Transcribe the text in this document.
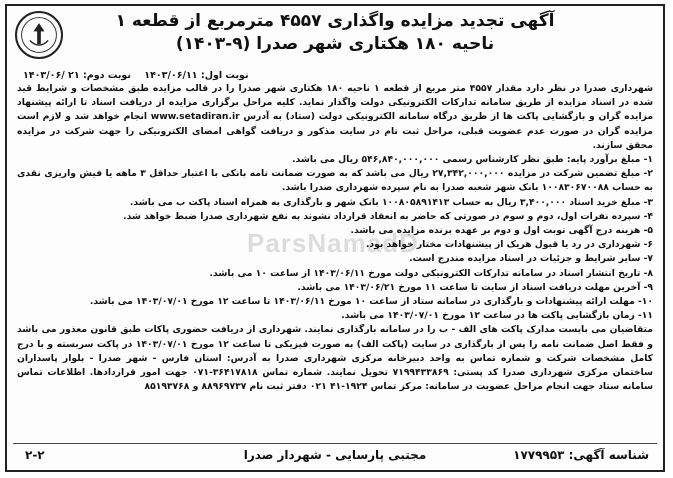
آگهی تجدید مزایده واگذاری ۴۵۵۷ مترمربع از قطعه ۱
ناحیه ۱۸۰ هکتاری شهر صدرا (۹-۱۴۰۳)
نوبت اول: ۱۴۰۳/۰۶/۱۱ نوبت دوم: ۲۱ /۱۴۰۳/۰۶

شهرداری صدرا در نظر دارد مقدار ۴۵۵۷ متر مربع از قطعه ۱ ناحیه ۱۸۰ هکتاری شهر صدرا را در قالب مزایده طبق مشخصات و شرایط قید شده در اسناد مزایده از طریق سامانه تدارکات الکترونیکی دولت واگذار نماید. کلیه مراحل برگزاری مزایده از دریافت اسناد تا ارائه پیشنهاد مزایده گران و بازگشایی پاکت ها از طریق درگاه سامانه الکترونیکی دولت (ستاد) به آدرس www.setadiran.ir انجام خواهد شد و لازم است مزایده گران در صورت عدم عضویت قبلی، مراحل ثبت نام در سایت مذکور و دریافت گواهی امضای الکترونیکی را جهت شرکت در مزایده محقق سازند.

۱- مبلغ برآورد پایه: طبق نظر کارشناس رسمی ۵۴۶,۸۴۰,۰۰۰,۰۰۰ ریال می باشد.

۲- مبلغ تضمین شرکت در مزایده ۲۷,۳۴۲,۰۰۰,۰۰۰ ریال می باشد که به صورت ضمانت نامه بانکی با اعتبار حداقل ۳ ماهه یا فیش واریزی نقدی به حساب ۱۰۰۸۳۰۶۷۰۰۸۸ بانک شهر شعبه صدرا به نام سپرده شهرداری صدرا باشد.

۳- مبلغ خرید اسناد ۳,۴۰۰,۰۰۰ ریال به حساب ۱۰۰۸۰۵۸۹۱۴۱۳ بانک شهر و بارگذاری به همراه اسناد پاکت ب می باشد.

۴- سپرده نفرات اول، دوم و سوم در صورتی که حاضر به انعقاد قرارداد نشوند به نفع شهرداری صدرا ضبط خواهد شد.

۵- هزینه درج آگهی نوبت اول و دوم بر عهده برنده مزایده می باشد.

۶- شهرداری در رد یا قبول هریک از پیشنهادات مختار خواهد بود.

۷- سایر شرایط و جزئیات در اسناد مزایده مندرج است.

۸- تاریخ انتشار اسناد در سامانه تدارکات الکترونیکی دولت مورخ ۱۴۰۳/۰۶/۱۱ از ساعت ۱۰ می باشد.

۹- آخرین مهلت دریافت اسناد از سایت تا ساعت ۱۱ مورخ ۱۴۰۳/۰۶/۲۱ می باشد.

۱۰- مهلت ارائه پیشنهادات و بارگذاری در سامانه ستاد از ساعت ۱۰ مورخ ۱۴۰۳/۰۶/۱۱ تا ساعت ۱۲ مورخ ۱۴۰۳/۰۷/۰۱ می باشد.

۱۱- زمان بازگشایی پاکت ها در ساعت ۱۲ مورخ ۱۴۰۳/۰۷/۰۱ می باشد.

متقاضیان می بایست مدارک پاکت های الف - ب را در سامانه بارگذاری نمایند. شهرداری از دریافت حضوری پاکات طبق قانون معذور می باشد و فقط اصل ضمانت نامه را پس از بارگذاری در سایت (پاکت الف) به صورت فیزیکی تا ساعت ۱۲ مورخ ۱۴۰۳/۰۷/۰۱ در پاکت سربسته و با درج کامل مشخصات شرکت و شماره تماس به واحد دبیرخانه مرکزی شهرداری صدرا به آدرس: استان فارس - شهر صدرا - بلوار پاسداران ساختمان مرکزی شهرداری صدرا کد پستی: ۷۱۹۹۴۳۳۸۶۹ تحویل نمایند. شماره تماس ۳۶۴۱۷۸۱۸-۰۷۱ جهت امور قراردادها. اطلاعات تماس سامانه ستاد جهت انجام مراحل عضویت در سامانه: مرکز تماس ۱۹۲۴-۴۱ ۰۲۱ دفتر ثبت نام ۸۸۹۶۹۷۳۷ و ۸۵۱۹۳۷۶۸

ParsNamadD
شناسه آگهی: ۱۷۷۹۹۵۳
مجتبی پارسایی - شهردار صدرا
۲-۲
